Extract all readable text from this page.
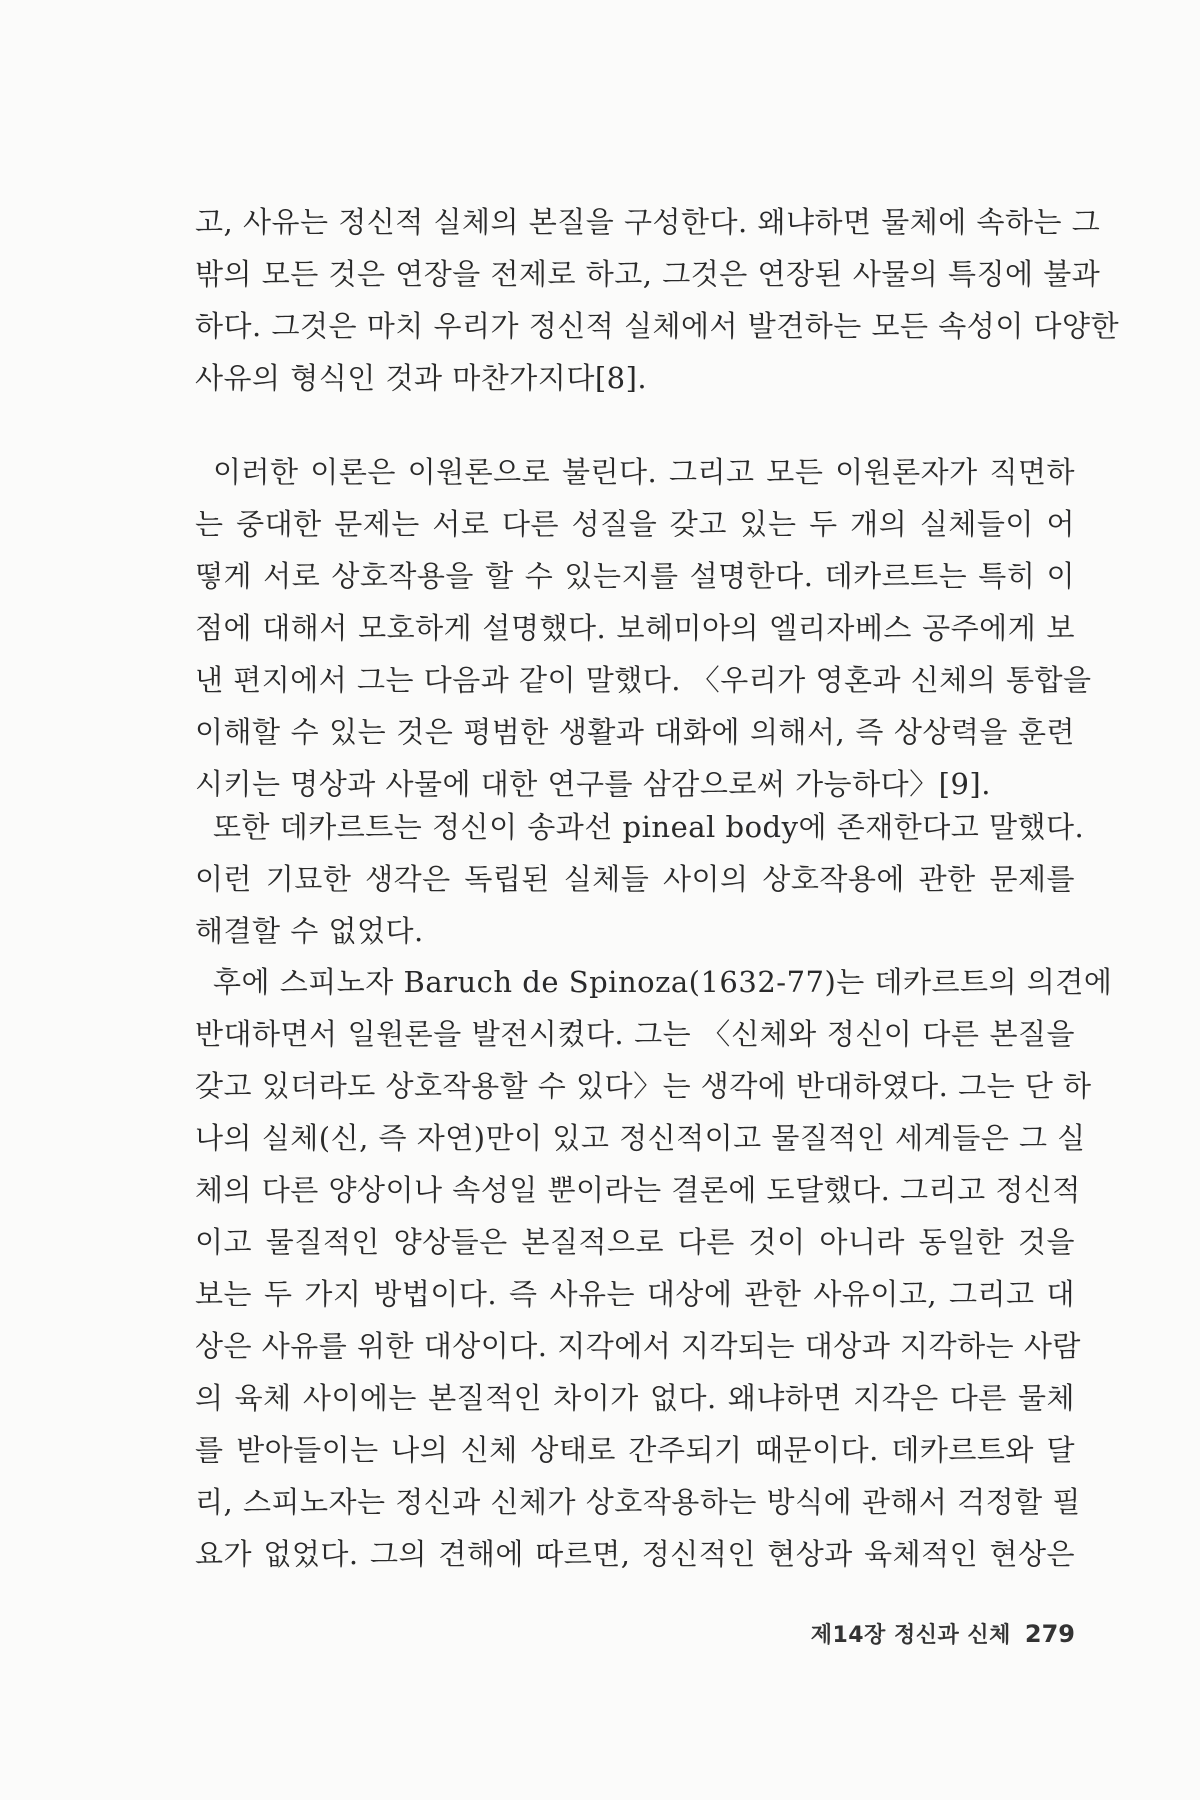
고, 사유는 정신적 실체의 본질을 구성한다. 왜냐하면 물체에 속하는 그
밖의 모든 것은 연장을 전제로 하고, 그것은 연장된 사물의 특징에 불과
하다. 그것은 마치 우리가 정신적 실체에서 발견하는 모든 속성이 다양한
사유의 형식인 것과 마찬가지다[8].
이러한 이론은 이원론으로 불린다. 그리고 모든 이원론자가 직면하
는 중대한 문제는 서로 다른 성질을 갖고 있는 두 개의 실체들이 어
떻게 서로 상호작용을 할 수 있는지를 설명한다. 데카르트는 특히 이
점에 대해서 모호하게 설명했다. 보헤미아의 엘리자베스 공주에게 보
낸 편지에서 그는 다음과 같이 말했다. 〈우리가 영혼과 신체의 통합을
이해할 수 있는 것은 평범한 생활과 대화에 의해서, 즉 상상력을 훈련
시키는 명상과 사물에 대한 연구를 삼감으로써 가능하다〉[9].
또한 데카르트는 정신이 송과선 pineal body에 존재한다고 말했다.
이런 기묘한 생각은 독립된 실체들 사이의 상호작용에 관한 문제를
해결할 수 없었다.
후에 스피노자 Baruch de Spinoza(1632-77)는 데카르트의 의견에
반대하면서 일원론을 발전시켰다. 그는 〈신체와 정신이 다른 본질을
갖고 있더라도 상호작용할 수 있다〉는 생각에 반대하였다. 그는 단 하
나의 실체(신, 즉 자연)만이 있고 정신적이고 물질적인 세계들은 그 실
체의 다른 양상이나 속성일 뿐이라는 결론에 도달했다. 그리고 정신적
이고 물질적인 양상들은 본질적으로 다른 것이 아니라 동일한 것을
보는 두 가지 방법이다. 즉 사유는 대상에 관한 사유이고, 그리고 대
상은 사유를 위한 대상이다. 지각에서 지각되는 대상과 지각하는 사람
의 육체 사이에는 본질적인 차이가 없다. 왜냐하면 지각은 다른 물체
를 받아들이는 나의 신체 상태로 간주되기 때문이다. 데카르트와 달
리, 스피노자는 정신과 신체가 상호작용하는 방식에 관해서 걱정할 필
요가 없었다. 그의 견해에 따르면, 정신적인 현상과 육체적인 현상은
제14장 정신과 신체 279
